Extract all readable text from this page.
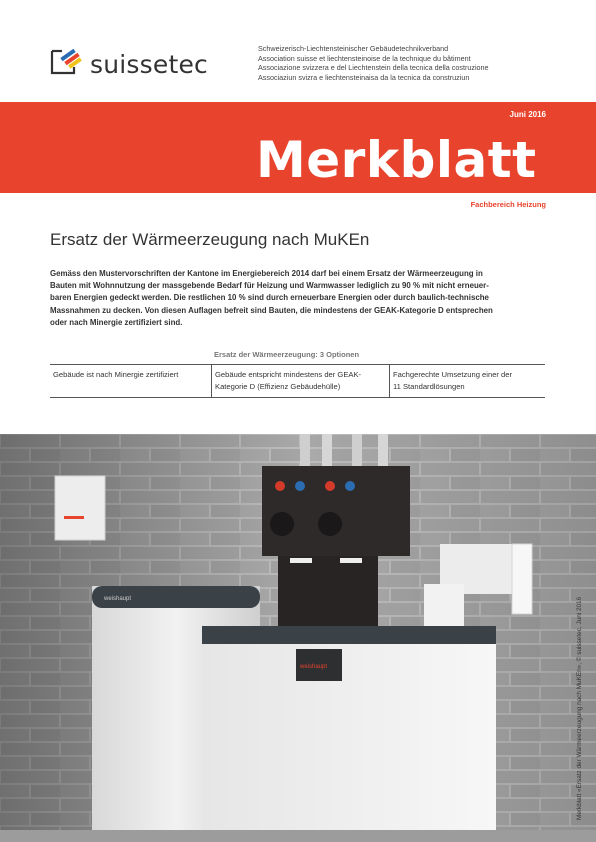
suissetec
Schweizerisch-Liechtensteinischer Gebäudetechnikverband
Association suisse et liechtensteinoise de la technique du bâtiment
Associazione svizzera e del Liechtenstein della tecnica della costruzione
Associaziun svizra e liechtensteinaisa da la tecnica da construziun
Juni 2016
Merkblatt
Fachbereich Heizung
Ersatz der Wärmeerzeugung nach MuKEn
Gemäss den Mustervorschriften der Kantone im Energiebereich 2014 darf bei einem Ersatz der Wärmeerzeugung in
Bauten mit Wohnnutzung der massgebende Bedarf für Heizung und Warmwasser lediglich zu 90 % mit nicht erneuer-
baren Energien gedeckt werden. Die restlichen 10 % sind durch erneuerbare Energien oder durch baulich-technische
Massnahmen zu decken. Von diesen Auflagen befreit sind Bauten, die mindestens der GEAK-Kategorie D entsprechen
oder nach Minergie zertifiziert sind.
Ersatz der Wärmeerzeugung: 3 Optionen
Gebäude ist nach Minergie zertifiziert	Gebäude entspricht mindestens der GEAK-
Kategorie D (Effizienz Gebäudehülle)
Fachgerechte Umsetzung einer der
11 Standardlösungen
weishaupt
weishaupt	Merkblatt «Ersatz der Wärmeerzeugung nach MuKEn», © suissetec, Juni 2016
